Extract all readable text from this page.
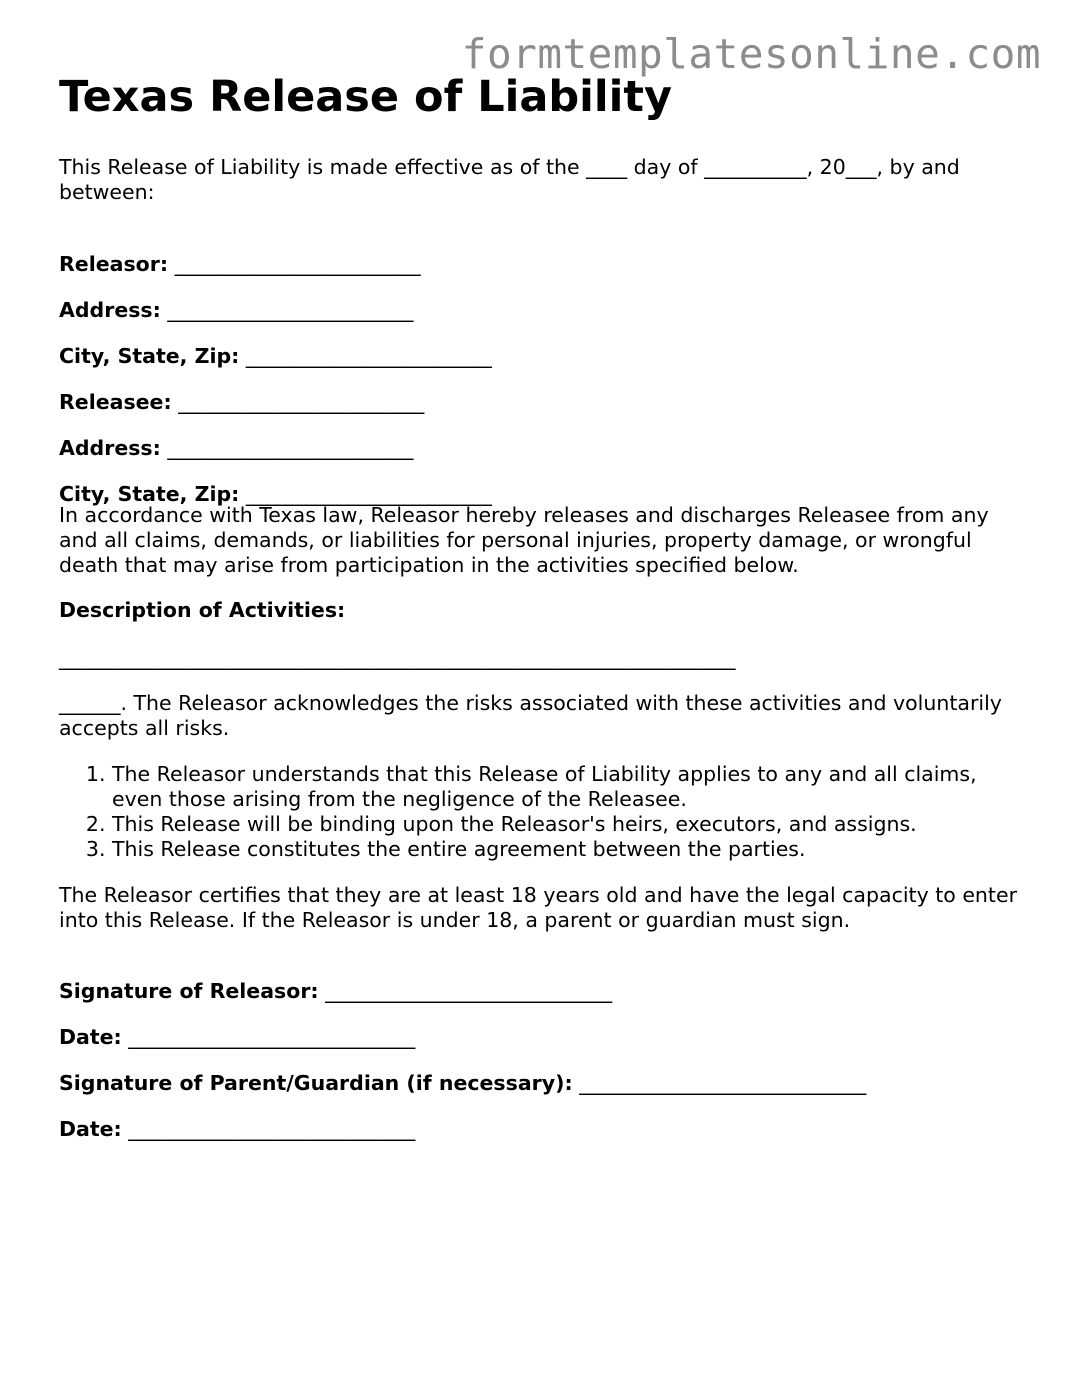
formtemplatesonline.com
Texas Release of Liability

This Release of Liability is made effective as of the ____ day of __________, 20___, by and between:

Releasor: ________________________

Address: ________________________

City, State, Zip: ________________________

Releasee: ________________________

Address: ________________________

City, State, Zip: ________________________

In accordance with Texas law, Releasor hereby releases and discharges Releasee from any and all claims, demands, or liabilities for personal injuries, property damage, or wrongful death that may arise from participation in the activities specified below.

Description of Activities:

__________________________________________________________________

______. The Releasor acknowledges the risks associated with these activities and voluntarily accepts all risks.

1. The Releasor understands that this Release of Liability applies to any and all claims, even those arising from the negligence of the Releasee.
2. This Release will be binding upon the Releasor's heirs, executors, and assigns.
3. This Release constitutes the entire agreement between the parties.

The Releasor certifies that they are at least 18 years old and have the legal capacity to enter into this Release. If the Releasor is under 18, a parent or guardian must sign.

Signature of Releasor: ____________________________

Date: ____________________________

Signature of Parent/Guardian (if necessary): ____________________________

Date: ____________________________
